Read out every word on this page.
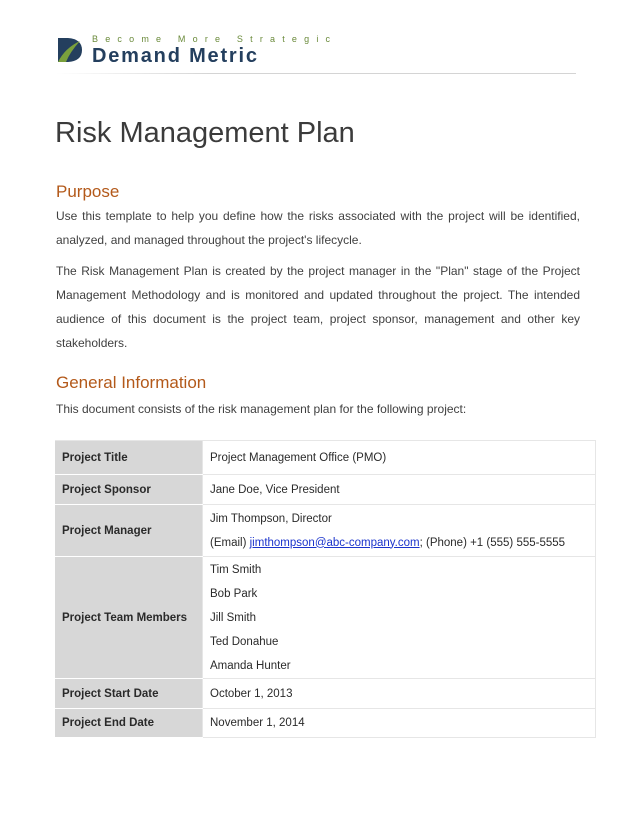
Become More Strategic
Demand Metric
Risk Management Plan
Purpose
Use this template to help you define how the risks associated with the project will be identified, analyzed, and managed throughout the project's lifecycle.
The Risk Management Plan is created by the project manager in the "Plan" stage of the Project Management Methodology and is monitored and updated throughout the project. The intended audience of this document is the project team, project sponsor, management and other key stakeholders.
General Information
This document consists of the risk management plan for the following project:
Project Title	Project Management Office (PMO)
Project Sponsor	Jane Doe, Vice President
Project Manager	Jim Thompson, Director
(Email) jimthompson@abc-company.com; (Phone) +1 (555) 555-5555

Project Team Members	Tim Smith
Bob Park
Jill Smith
Ted Donahue
Amanda Hunter

Project Start Date	October 1, 2013
Project End Date	November 1, 2014
